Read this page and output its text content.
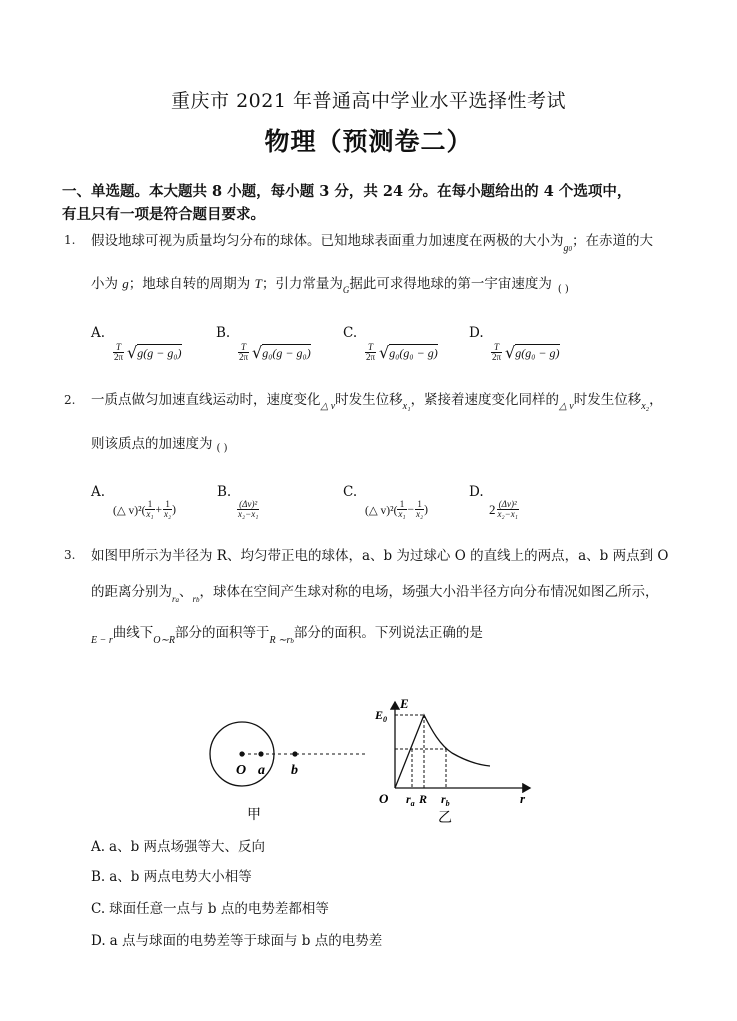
重庆市 2021 年普通高中学业水平选择性考试
物理（预测卷二）
一、单选题。本大题共 8 小题，每小题 3 分，共 24 分。在每小题给出的 4 个选项中，
有且只有一项是符合题目要求。
1. 假设地球可视为质量均匀分布的球体。已知地球表面重力加速度在两极的大小为$_{g0}$；在赤道的大
小为 g；地球自转的周期为 T；引力常量为$_G$据此可求得地球的第一宇宙速度为 $_{( )}$
A.
$\frac{T}{2\pi}$ √ g(g − g₀)
B.
$\frac{T}{2\pi}$ √ g₀(g − g₀)
C.
$\frac{T}{2\pi}$ √ g₀(g₀ − g)
D.
$\frac{T}{2\pi}$ √ g(g₀ − g)
2. 一质点做匀加速直线运动时，速度变化$_{\triangle v}$时发生位移$_{x_1}$，紧接着速度变化同样的$_{\triangle v}$时发生位移$_{x_2}$，
则该质点的加速度为 $_{( )}$
A.
(△ $v)^2( \frac{1}{\text{x₁}} + \frac{1}{\text{x₂}}$ )
B.
$\frac{\text{(Δv)²}}{\text{x₂−x₁}}$
C.
(△ $v)^2( \frac{1}{\text{x₁}} - \frac{1}{\text{x₂}}$ )
D.
$2 \frac{\text{(Δv)²}}{\text{x₂−x₁}}$
3. 如图甲所示为半径为 R、均匀带正电的球体，a、b 为过球心 O 的直线上的两点，a、b 两点到 O
的距离分别为$_{ra}$、$_{rb}$，球体在空间产生球对称的电场，场强大小沿半径方向分布情况如图乙所示，
$_{E - r}$曲线下$_{O\sim R}$部分的面积等于$_{R \sim rb}$部分的面积。下列说法正确的是
O a b
甲
E
$E_0$
O $r_a$ R $r_b$	r
乙
A. a、b 两点场强等大、反向
B. a、b 两点电势大小相等
C. 球面任意一点与 b 点的电势差都相等
D. a 点与球面的电势差等于球面与 b 点的电势差
